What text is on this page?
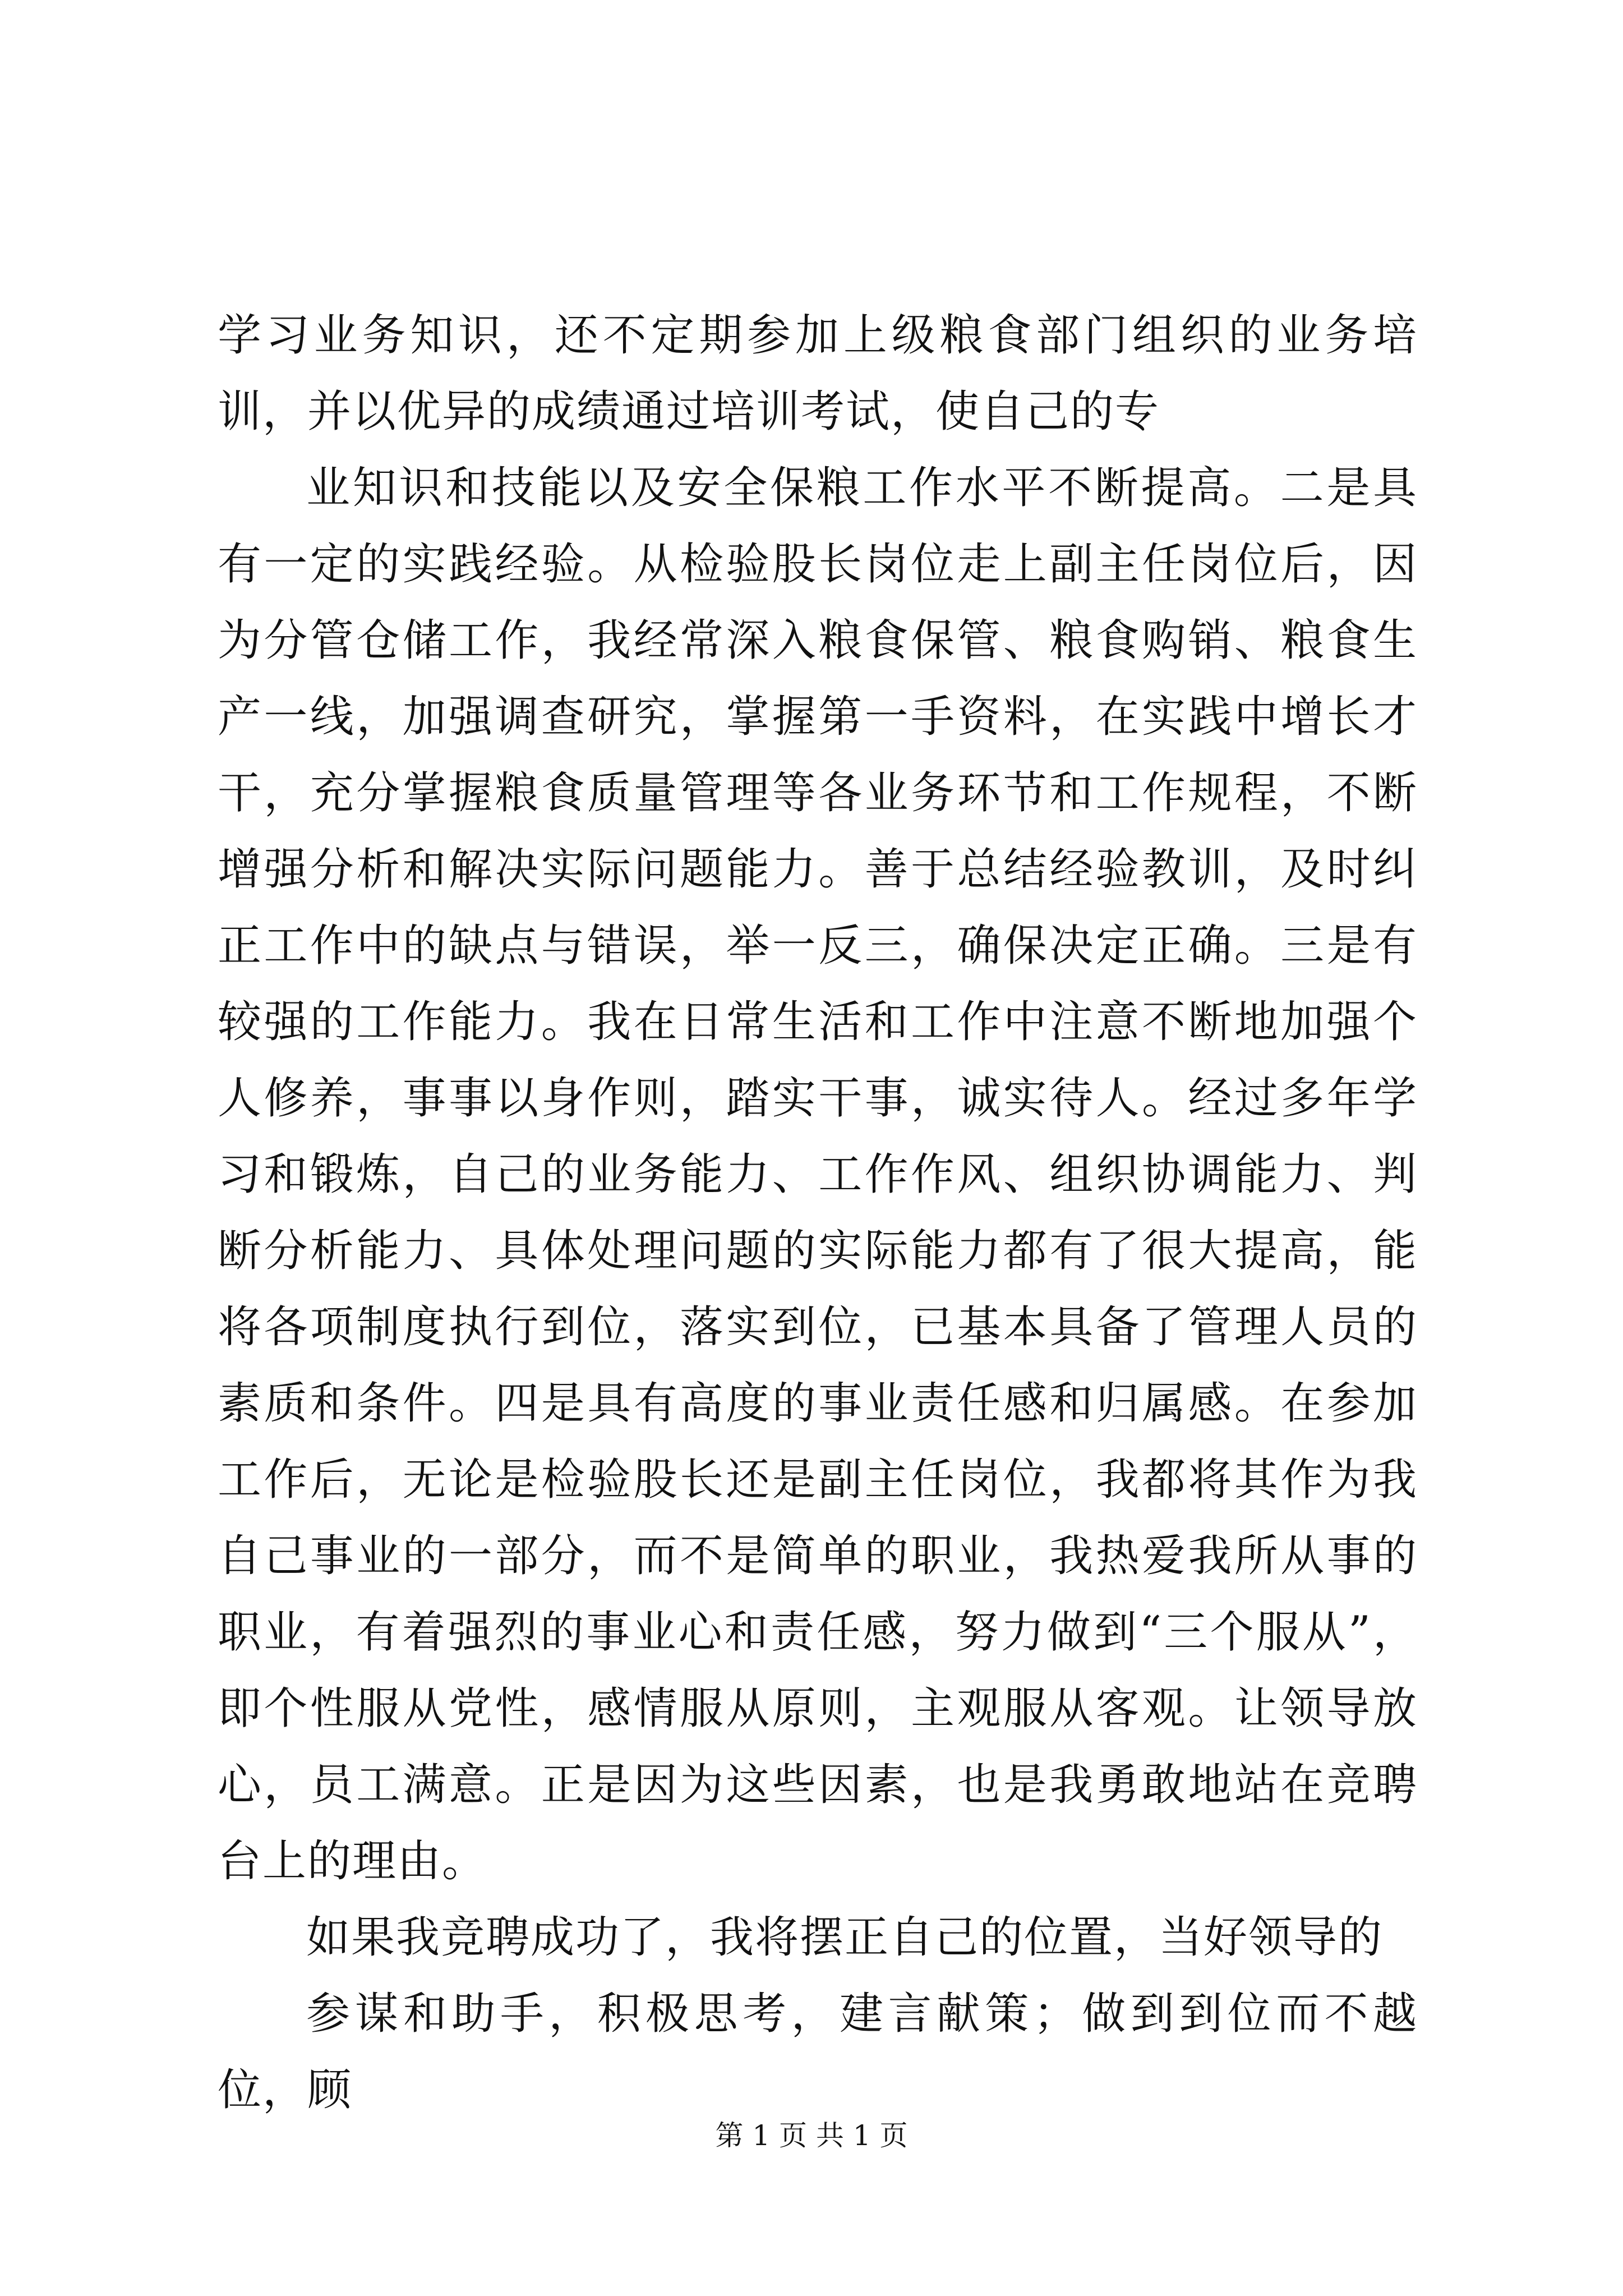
学习业务知识，还不定期参加上级粮食部门组织的业务培训，并以优异的成绩通过培训考试，使自己的专

业知识和技能以及安全保粮工作水平不断提高。二是具有一定的实践经验。从检验股长岗位走上副主任岗位后，因为分管仓储工作，我经常深入粮食保管、粮食购销、粮食生产一线，加强调查研究，掌握第一手资料，在实践中增长才干，充分掌握粮食质量管理等各业务环节和工作规程，不断增强分析和解决实际问题能力。善于总结经验教训，及时纠正工作中的缺点与错误，举一反三，确保决定正确。三是有较强的工作能力。我在日常生活和工作中注意不断地加强个人修养，事事以身作则，踏实干事，诚实待人。经过多年学习和锻炼，自己的业务能力、工作作风、组织协调能力、判断分析能力、具体处理问题的实际能力都有了很大提高，能将各项制度执行到位，落实到位，已基本具备了管理人员的素质和条件。四是具有高度的事业责任感和归属感。在参加工作后，无论是检验股长还是副主任岗位，我都将其作为我自己事业的一部分，而不是简单的职业，我热爱我所从事的职业，有着强烈的事业心和责任感，努力做到“三个服从”，即个性服从党性，感情服从原则，主观服从客观。让领导放心，员工满意。正是因为这些因素，也是我勇敢地站在竞聘台上的理由。

如果我竞聘成功了，我将摆正自己的位置，当好领导的

参谋和助手，积极思考，建言献策；做到到位而不越位，顾

第 1 页 共 1 页
